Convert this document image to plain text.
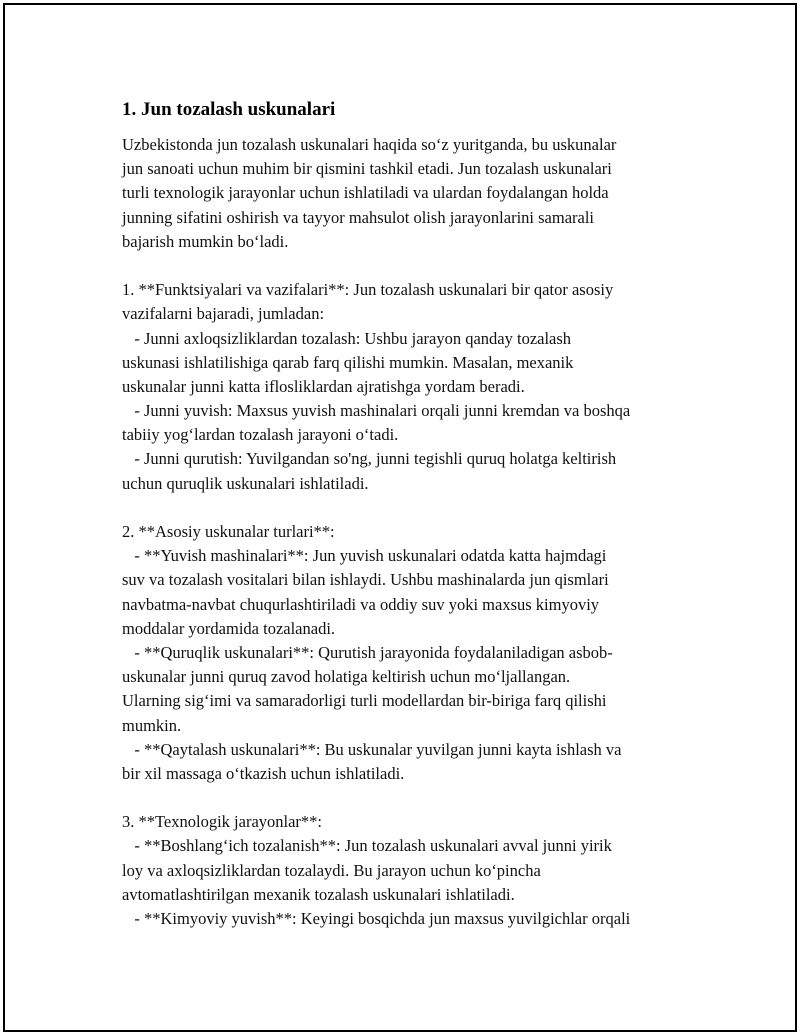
1. Jun tozalash uskunalari
Uzbekistonda jun tozalash uskunalari haqida so‘z yuritganda, bu uskunalar
jun sanoati uchun muhim bir qismini tashkil etadi. Jun tozalash uskunalari
turli texnologik jarayonlar uchun ishlatiladi va ulardan foydalangan holda
junning sifatini oshirish va tayyor mahsulot olish jarayonlarini samarali
bajarish mumkin bo‘ladi.
1. **Funktsiyalari va vazifalari**: Jun tozalash uskunalari bir qator asosiy
vazifalarni bajaradi, jumladan:
- Junni axloqsizliklardan tozalash: Ushbu jarayon qanday tozalash
uskunasi ishlatilishiga qarab farq qilishi mumkin. Masalan, mexanik
uskunalar junni katta iflosliklardan ajratishga yordam beradi.
- Junni yuvish: Maxsus yuvish mashinalari orqali junni kremdan va boshqa
tabiiy yog‘lardan tozalash jarayoni o‘tadi.
- Junni qurutish: Yuvilgandan so'ng, junni tegishli quruq holatga keltirish
uchun quruqlik uskunalari ishlatiladi.
2. **Asosiy uskunalar turlari**:
- **Yuvish mashinalari**: Jun yuvish uskunalari odatda katta hajmdagi
suv va tozalash vositalari bilan ishlaydi. Ushbu mashinalarda jun qismlari
navbatma-navbat chuqurlashtiriladi va oddiy suv yoki maxsus kimyoviy
moddalar yordamida tozalanadi.
- **Quruqlik uskunalari**: Qurutish jarayonida foydalaniladigan asbob-
uskunalar junni quruq zavod holatiga keltirish uchun mo‘ljallangan.
Ularning sig‘imi va samaradorligi turli modellardan bir-biriga farq qilishi
mumkin.
- **Qaytalash uskunalari**: Bu uskunalar yuvilgan junni kayta ishlash va
bir xil massaga o‘tkazish uchun ishlatiladi.
3. **Texnologik jarayonlar**:
- **Boshlang‘ich tozalanish**: Jun tozalash uskunalari avval junni yirik
loy va axloqsizliklardan tozalaydi. Bu jarayon uchun ko‘pincha
avtomatlashtirilgan mexanik tozalash uskunalari ishlatiladi.
- **Kimyoviy yuvish**: Keyingi bosqichda jun maxsus yuvilgichlar orqali
